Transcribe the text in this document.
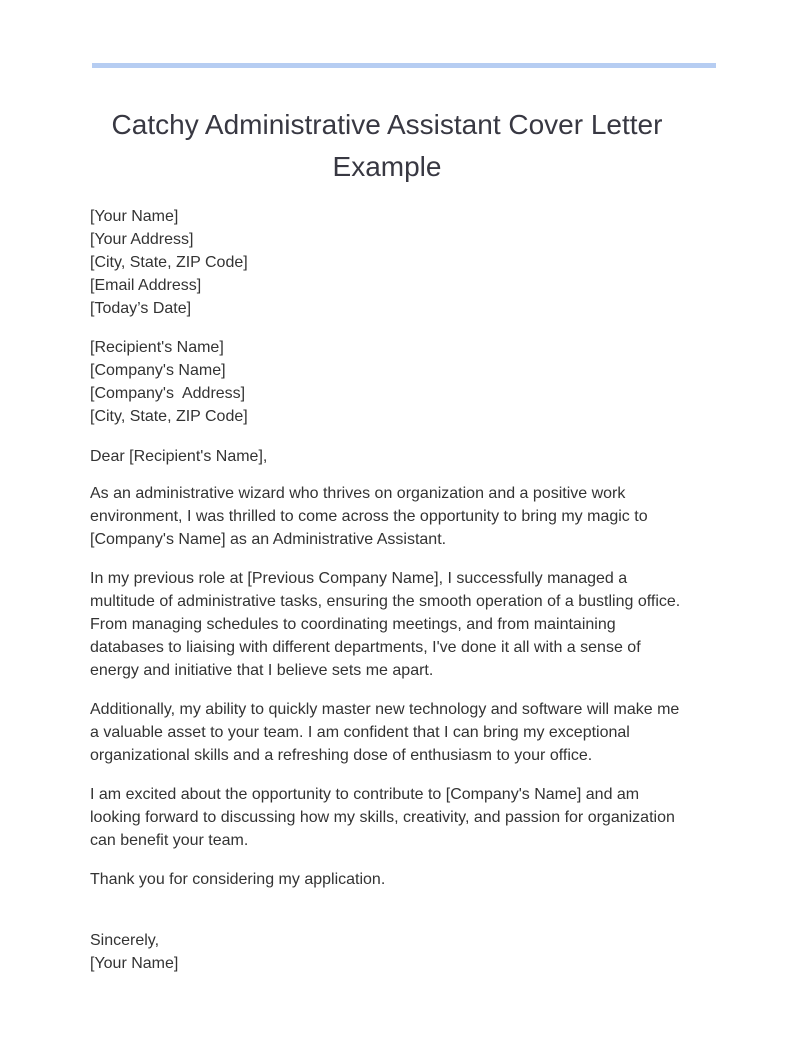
Catchy Administrative Assistant Cover Letter
Example
[Your Name]
[Your Address]
[City, State, ZIP Code]
[Email Address]
[Today’s Date]
[Recipient's Name]
[Company's Name]
[Company's  Address]
[City, State, ZIP Code]
Dear [Recipient's Name],
As an administrative wizard who thrives on organization and a positive work
environment, I was thrilled to come across the opportunity to bring my magic to
[Company's Name] as an Administrative Assistant.
In my previous role at [Previous Company Name], I successfully managed a
multitude of administrative tasks, ensuring the smooth operation of a bustling office.
From managing schedules to coordinating meetings, and from maintaining
databases to liaising with different departments, I've done it all with a sense of
energy and initiative that I believe sets me apart.
Additionally, my ability to quickly master new technology and software will make me
a valuable asset to your team. I am confident that I can bring my exceptional
organizational skills and a refreshing dose of enthusiasm to your office.
I am excited about the opportunity to contribute to [Company's Name] and am
looking forward to discussing how my skills, creativity, and passion for organization
can benefit your team.
Thank you for considering my application.
Sincerely,
[Your Name]
